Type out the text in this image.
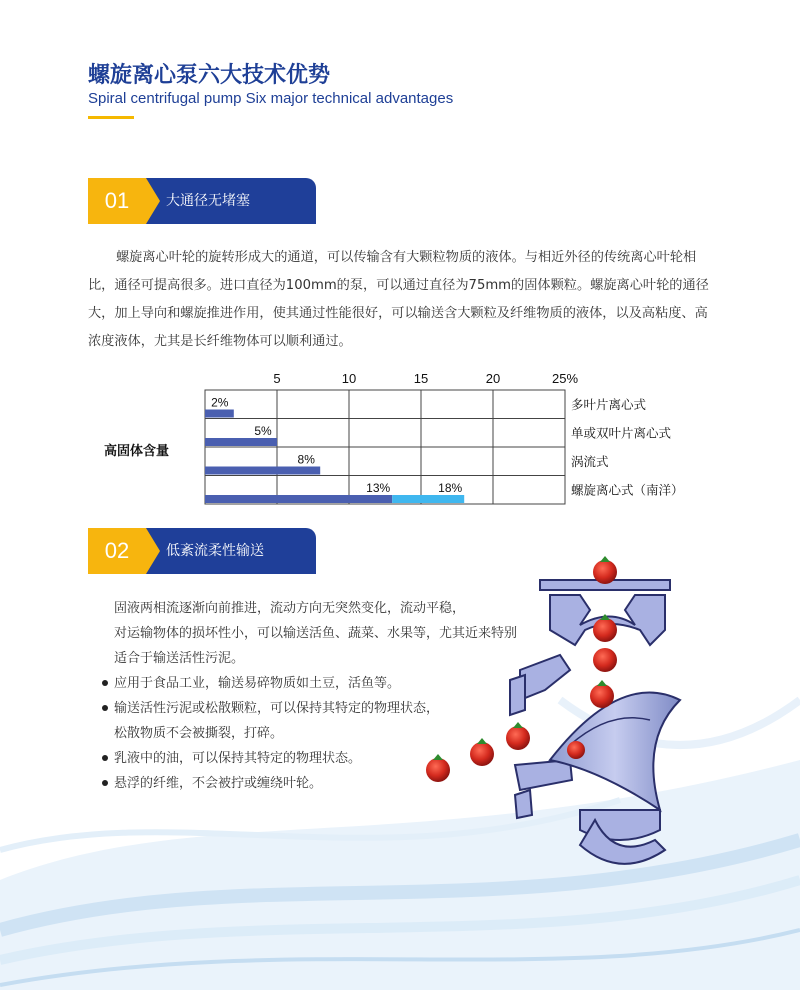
螺旋离心泵六大技术优势
Spiral centrifugal pump Six major technical advantages
01	大通径无堵塞
螺旋离心叶轮的旋转形成大的通道，可以传输含有大颗粒物质的液体。与相近外径的传统离心叶轮相比，通径可提高很多。进口直径为100mm的泵，可以通过直径为75mm的固体颗粒。螺旋离心叶轮的通径大，加上导向和螺旋推进作用，使其通过性能很好，可以输送含大颗粒及纤维物质的液体，以及高粘度、高浓度液体，尤其是长纤维物体可以顺利通过。
高固体含量
5	10	15	20	25%
2%	多叶片离心式
5%	单或双叶片离心式
8%	涡流式
13%	18%	螺旋离心式（南洋）
02	低紊流柔性输送
固液两相流逐渐向前推进，流动方向无突然变化，流动平稳，
对运输物体的损坏性小，可以输送活鱼、蔬菜、水果等，尤其近来特别
适合于输送活性污泥。
应用于食品工业，输送易碎物质如土豆，活鱼等。
输送活性污泥或松散颗粒，可以保持其特定的物理状态，
松散物质不会被撕裂，打碎。
乳液中的油，可以保持其特定的物理状态。
悬浮的纤维，不会被拧或缠绕叶轮。
